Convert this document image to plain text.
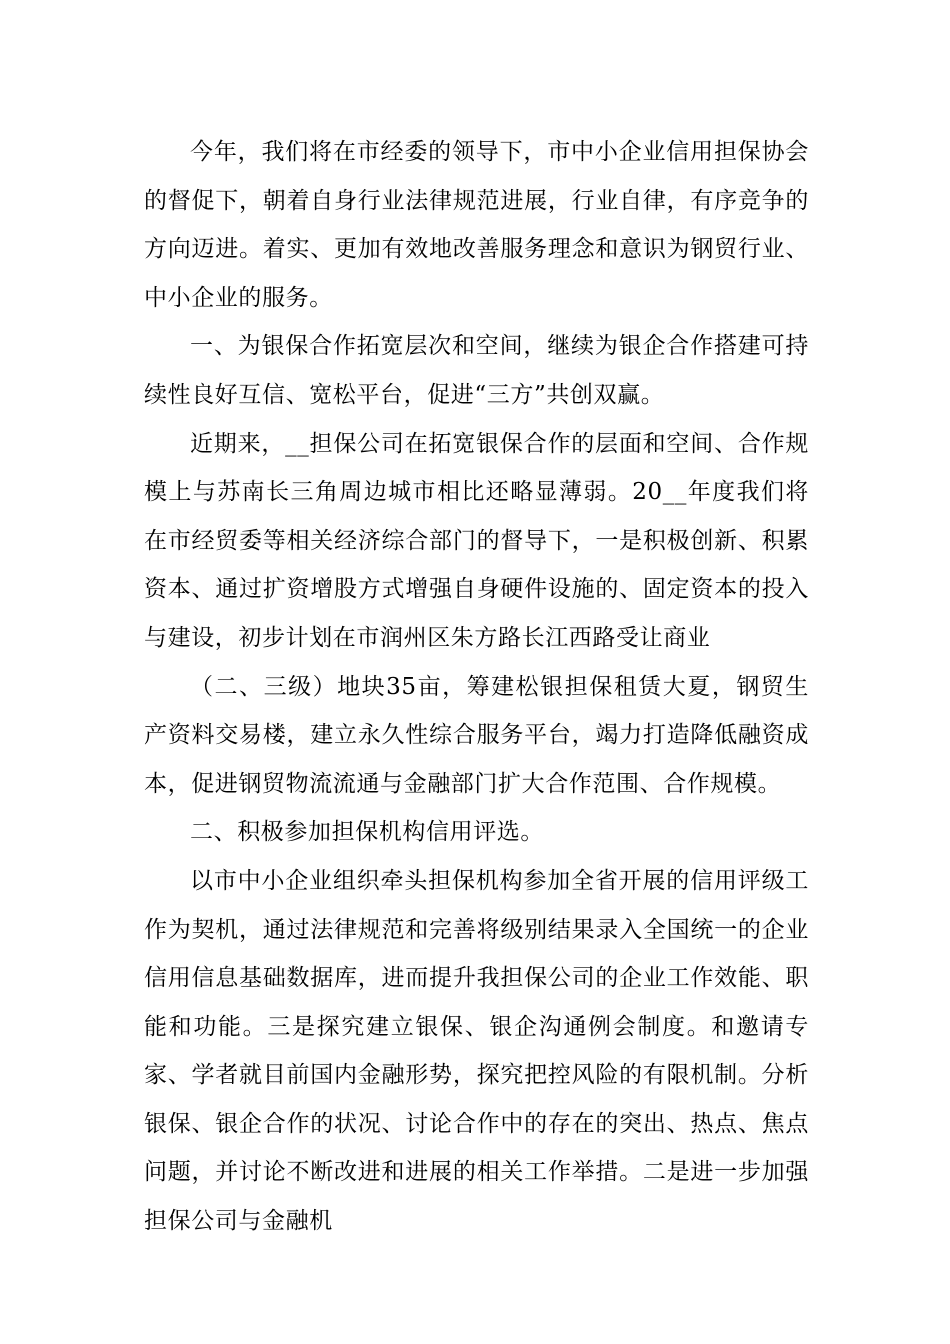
今年，我们将在市经委的领导下，市中小企业信用担保协会的督促下，朝着自身行业法律规范进展，行业自律，有序竞争的方向迈进。着实、更加有效地改善服务理念和意识为钢贸行业、中小企业的服务。

一、为银保合作拓宽层次和空间，继续为银企合作搭建可持续性良好互信、宽松平台，促进“三方”共创双赢。

近期来，__担保公司在拓宽银保合作的层面和空间、合作规模上与苏南长三角周边城市相比还略显薄弱。20__年度我们将在市经贸委等相关经济综合部门的督导下，一是积极创新、积累资本、通过扩资增股方式增强自身硬件设施的、固定资本的投入与建设，初步计划在市润州区朱方路长江西路受让商业

（二、三级）地块35亩，筹建松银担保租赁大夏，钢贸生产资料交易楼，建立永久性综合服务平台，竭力打造降低融资成本，促进钢贸物流流通与金融部门扩大合作范围、合作规模。

二、积极参加担保机构信用评选。

以市中小企业组织牵头担保机构参加全省开展的信用评级工作为契机，通过法律规范和完善将级别结果录入全国统一的企业信用信息基础数据库，进而提升我担保公司的企业工作效能、职能和功能。三是探究建立银保、银企沟通例会制度。和邀请专家、学者就目前国内金融形势，探究把控风险的有限机制。分析银保、银企合作的状况、讨论合作中的存在的突出、热点、焦点问题，并讨论不断改进和进展的相关工作举措。二是进一步加强担保公司与金融机
